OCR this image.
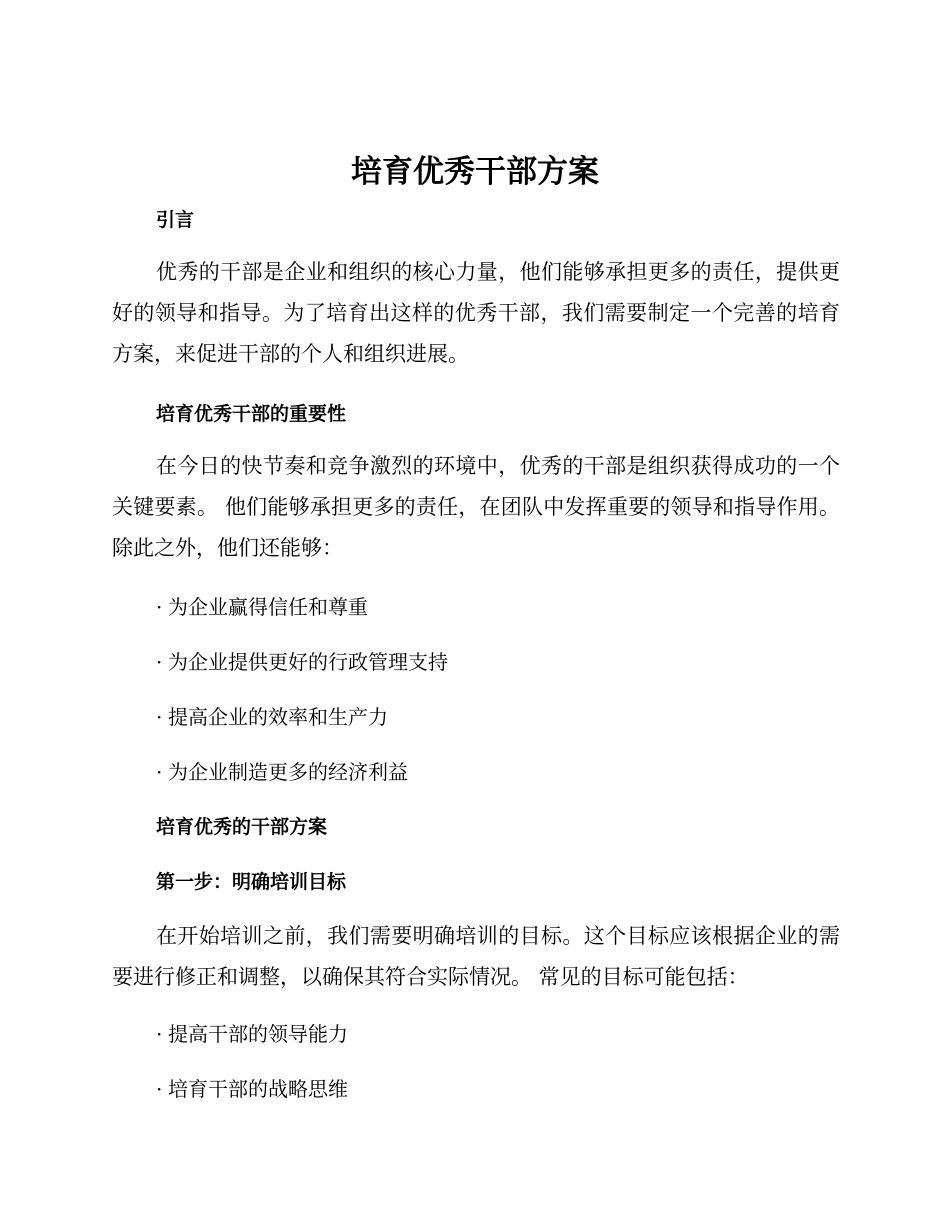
培育优秀干部方案
引言

优秀的干部是企业和组织的核心力量，他们能够承担更多的责任，提供更好的领导和指导。为了培育出这样的优秀干部，我们需要制定一个完善的培育方案，来促进干部的个人和组织进展。

培育优秀干部的重要性

在今日的快节奏和竞争激烈的环境中，优秀的干部是组织获得成功的一个关键要素。 他们能够承担更多的责任，在团队中发挥重要的领导和指导作用。除此之外，他们还能够：

· 为企业赢得信任和尊重
· 为企业提供更好的行政管理支持
· 提高企业的效率和生产力
· 为企业制造更多的经济利益
培育优秀的干部方案
第一步：明确培训目标

在开始培训之前，我们需要明确培训的目标。这个目标应该根据企业的需要进行修正和调整，以确保其符合实际情况。 常见的目标可能包括：

· 提高干部的领导能力
· 培育干部的战略思维
